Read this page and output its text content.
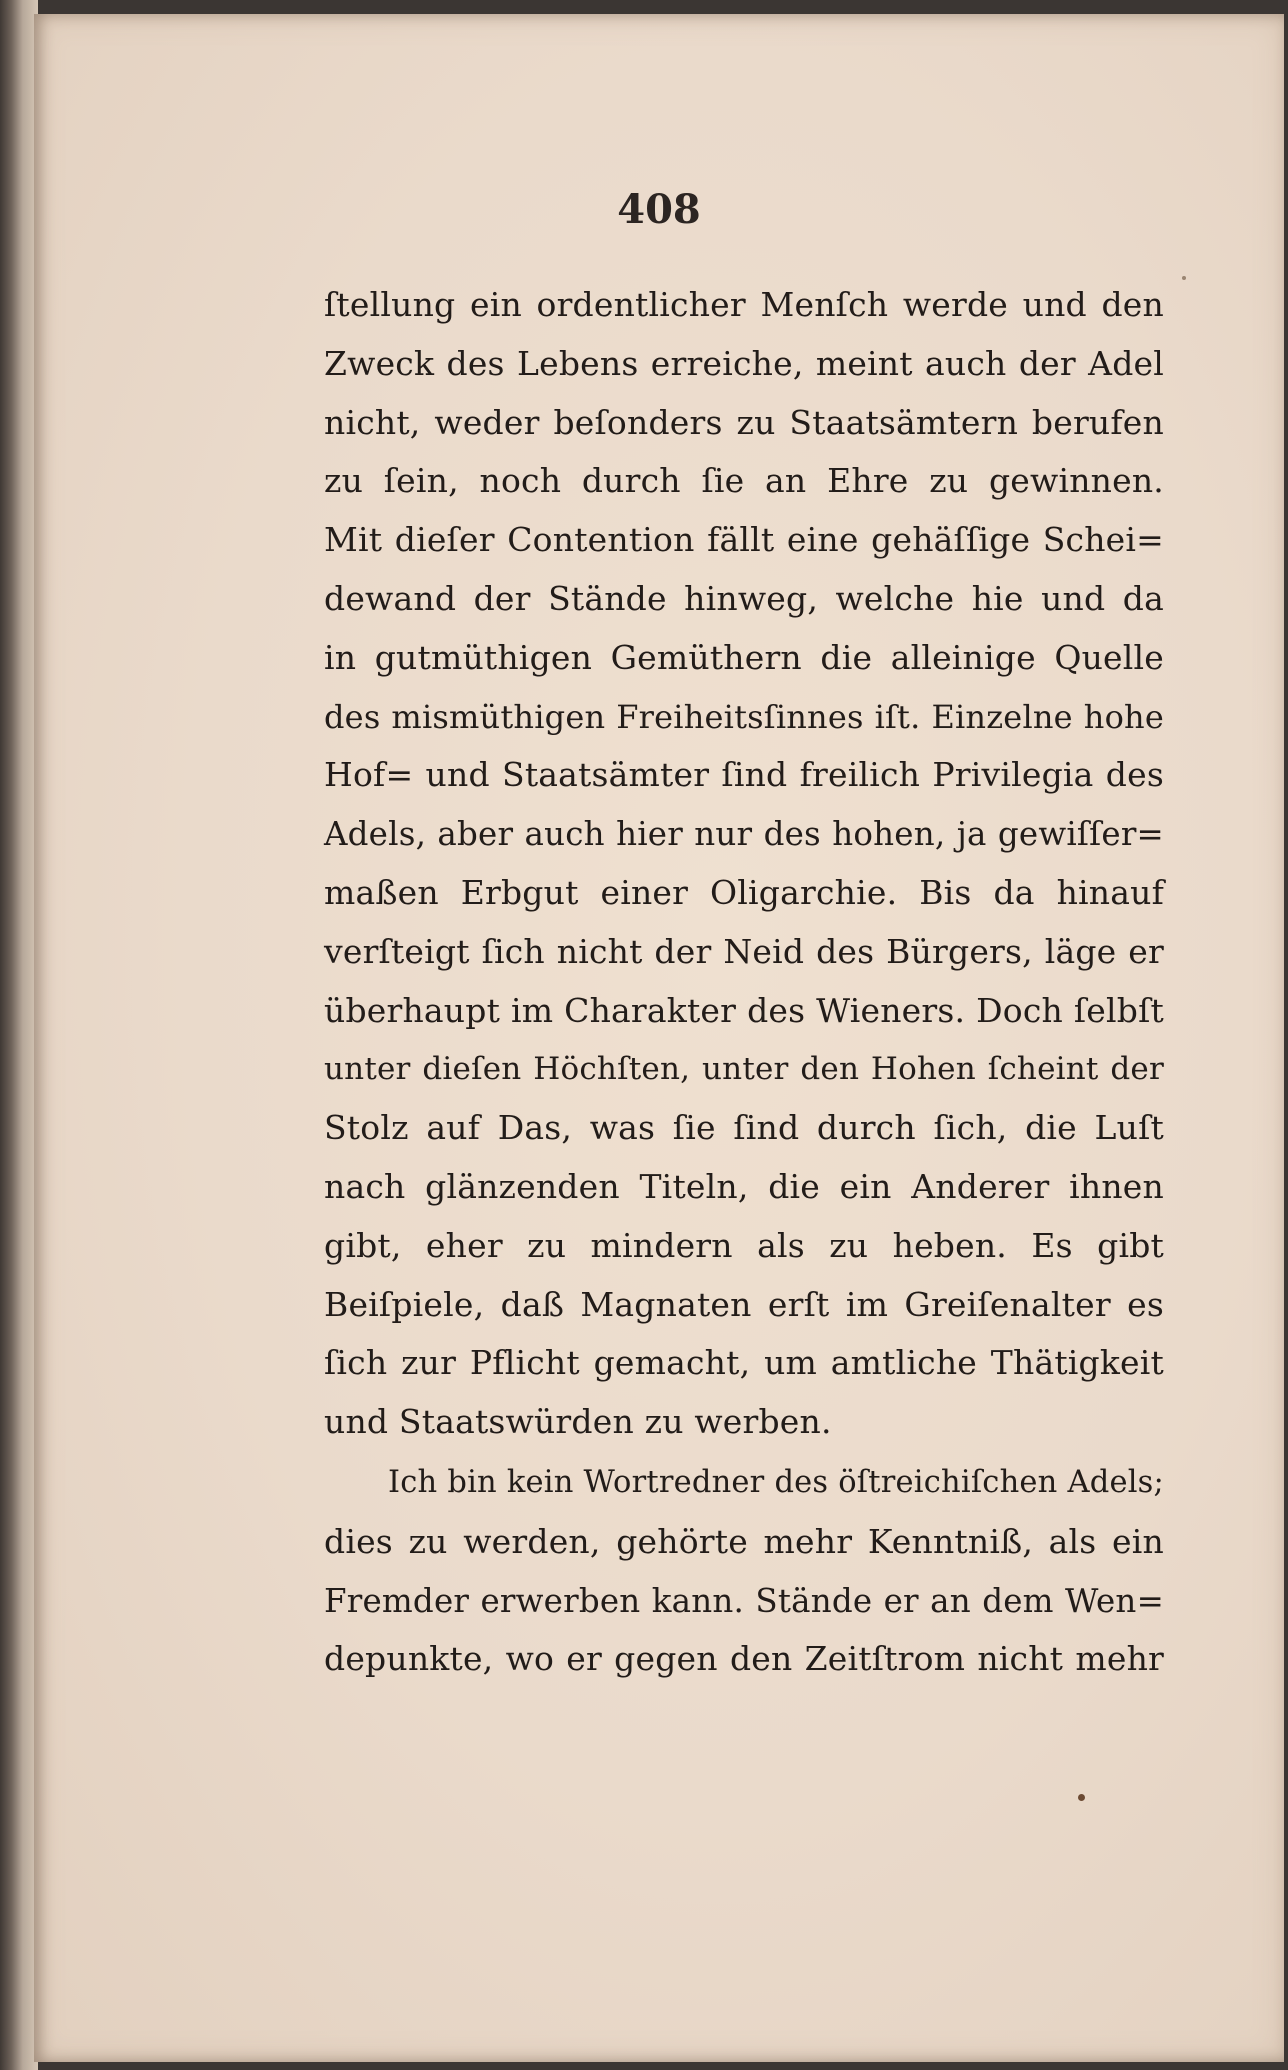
408
ſtellung ein ordentlicher Menſch werde und den
Zweck des Lebens erreiche, meint auch der Adel
nicht, weder beſonders zu Staatsämtern berufen
zu ſein, noch durch ſie an Ehre zu gewinnen.
Mit dieſer Contention fällt eine gehäſſige Schei=
dewand der Stände hinweg, welche hie und da
in gutmüthigen Gemüthern die alleinige Quelle
des mismüthigen Freiheitsſinnes iſt. Einzelne hohe
Hof= und Staatsämter ſind freilich Privilegia des
Adels, aber auch hier nur des hohen, ja gewiſſer=
maßen Erbgut einer Oligarchie. Bis da hinauf
verſteigt ſich nicht der Neid des Bürgers, läge er
überhaupt im Charakter des Wieners. Doch ſelbſt
unter dieſen Höchſten, unter den Hohen ſcheint der
Stolz auf Das, was ſie ſind durch ſich, die Luſt
nach glänzenden Titeln, die ein Anderer ihnen
gibt, eher zu mindern als zu heben. Es gibt
Beiſpiele, daß Magnaten erſt im Greiſenalter es
ſich zur Pflicht gemacht, um amtliche Thätigkeit
und Staatswürden zu werben.
Ich bin kein Wortredner des öſtreichiſchen Adels;
dies zu werden, gehörte mehr Kenntniß, als ein
Fremder erwerben kann. Stände er an dem Wen=
depunkte, wo er gegen den Zeitſtrom nicht mehr
